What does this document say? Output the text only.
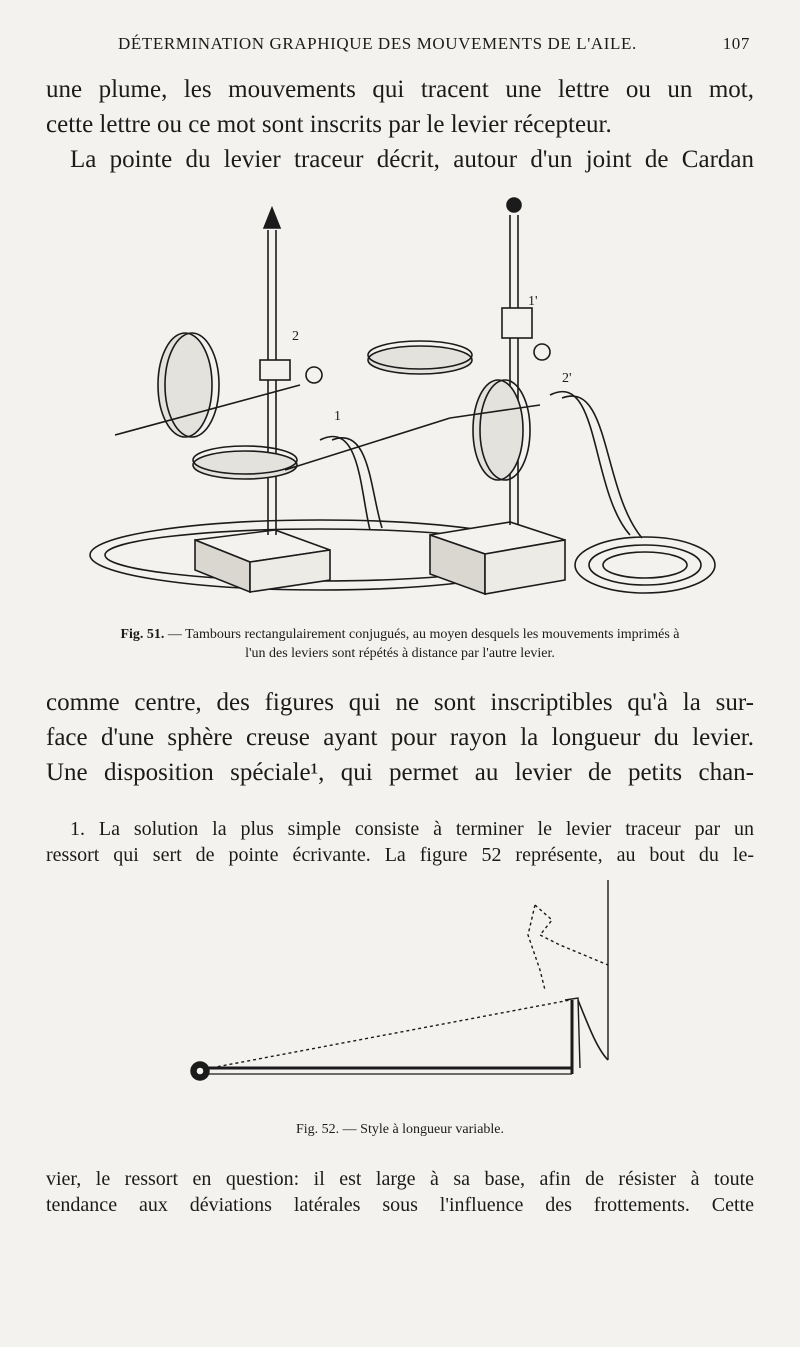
DÉTERMINATION GRAPHIQUE DES MOUVEMENTS DE L'AILE.	107
une plume, les mouvements qui tracent une lettre ou un mot,
cette lettre ou ce mot sont inscrits par le levier récepteur.
La pointe du levier traceur décrit, autour d'un joint de Cardan
2
1'
2'
1
Fig. 51. — Tambours rectangulairement conjugués, au moyen desquels les mouvements imprimés à
l'un des leviers sont répétés à distance par l'autre levier.
comme centre, des figures qui ne sont inscriptibles qu'à la sur-
face d'une sphère creuse ayant pour rayon la longueur du levier.
Une disposition spéciale¹, qui permet au levier de petits chan-
1. La solution la plus simple consiste à terminer le levier traceur par un
ressort qui sert de pointe écrivante. La figure 52 représente, au bout du le-
Fig. 52. — Style à longueur variable.
vier, le ressort en question: il est large à sa base, afin de résister à toute
tendance aux déviations latérales sous l'influence des frottements. Cette
